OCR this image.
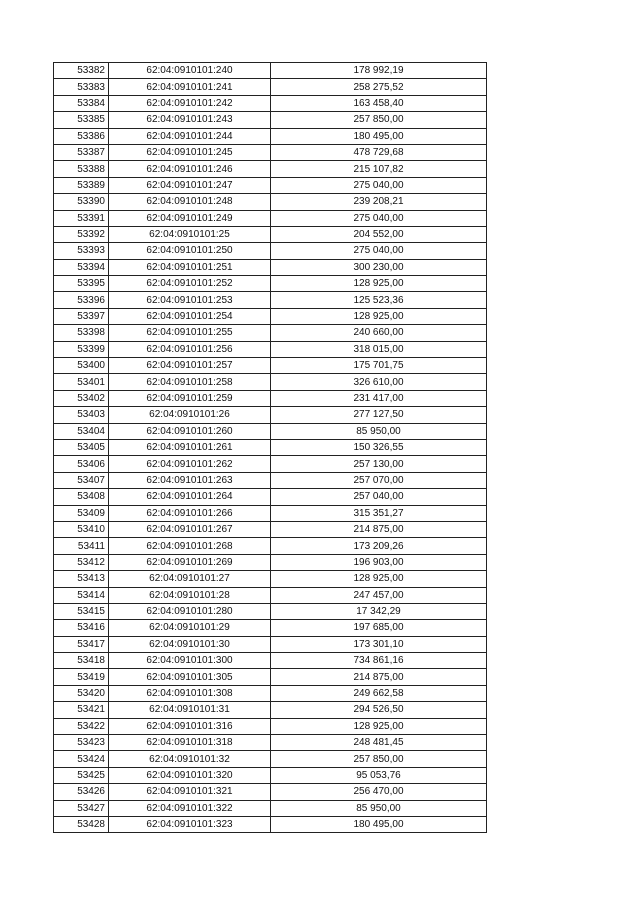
53382	62:04:0910101:240	178 992,19
53383	62:04:0910101:241	258 275,52
53384	62:04:0910101:242	163 458,40
53385	62:04:0910101:243	257 850,00
53386	62:04:0910101:244	180 495,00
53387	62:04:0910101:245	478 729,68
53388	62:04:0910101:246	215 107,82
53389	62:04:0910101:247	275 040,00
53390	62:04:0910101:248	239 208,21
53391	62:04:0910101:249	275 040,00
53392	62:04:0910101:25	204 552,00
53393	62:04:0910101:250	275 040,00
53394	62:04:0910101:251	300 230,00
53395	62:04:0910101:252	128 925,00
53396	62:04:0910101:253	125 523,36
53397	62:04:0910101:254	128 925,00
53398	62:04:0910101:255	240 660,00
53399	62:04:0910101:256	318 015,00
53400	62:04:0910101:257	175 701,75
53401	62:04:0910101:258	326 610,00
53402	62:04:0910101:259	231 417,00
53403	62:04:0910101:26	277 127,50
53404	62:04:0910101:260	85 950,00
53405	62:04:0910101:261	150 326,55
53406	62:04:0910101:262	257 130,00
53407	62:04:0910101:263	257 070,00
53408	62:04:0910101:264	257 040,00
53409	62:04:0910101:266	315 351,27
53410	62:04:0910101:267	214 875,00
53411	62:04:0910101:268	173 209,26
53412	62:04:0910101:269	196 903,00
53413	62:04:0910101:27	128 925,00
53414	62:04:0910101:28	247 457,00
53415	62:04:0910101:280	17 342,29
53416	62:04:0910101:29	197 685,00
53417	62:04:0910101:30	173 301,10
53418	62:04:0910101:300	734 861,16
53419	62:04:0910101:305	214 875,00
53420	62:04:0910101:308	249 662,58
53421	62:04:0910101:31	294 526,50
53422	62:04:0910101:316	128 925,00
53423	62:04:0910101:318	248 481,45
53424	62:04:0910101:32	257 850,00
53425	62:04:0910101:320	95 053,76
53426	62:04:0910101:321	256 470,00
53427	62:04:0910101:322	85 950,00
53428	62:04:0910101:323	180 495,00
